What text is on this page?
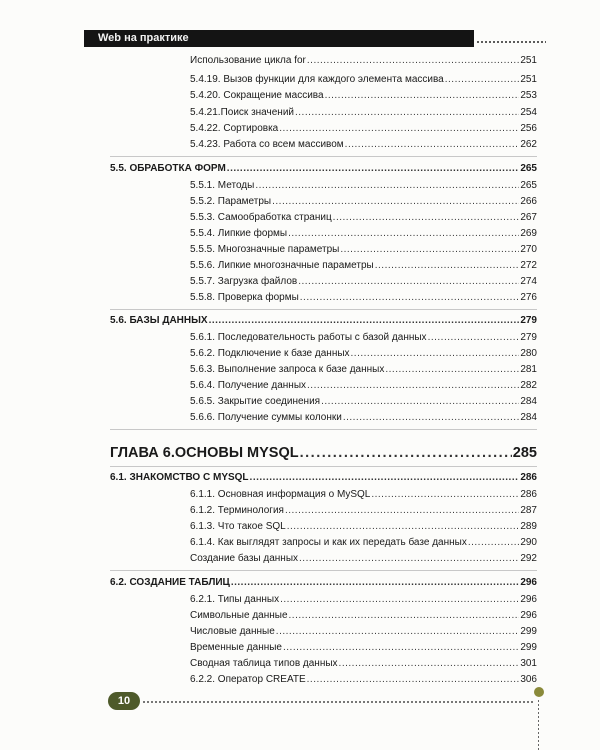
Web на практике
Использование цикла for .....	251
5.4.19. Вызов функции для каждого элемента массива .....	251
5.4.20. Сокращение массива .....	253
5.4.21.Поиск значений .....	254
5.4.22. Сортировка .....	256
5.4.23. Работа со всем массивом .....	262
5.5. ОБРАБОТКА ФОРМ .....	265
5.5.1. Методы .....	265
5.5.2. Параметры .....	266
5.5.3. Самообработка страниц .....	267
5.5.4. Липкие формы .....	269
5.5.5. Многозначные параметры .....	270
5.5.6. Липкие многозначные параметры .....	272
5.5.7. Загрузка файлов .....	274
5.5.8. Проверка формы .....	276
5.6. БАЗЫ ДАННЫХ .....	279
5.6.1. Последовательность работы с базой данных .....	279
5.6.2. Подключение к базе данных .....	280
5.6.3. Выполнение запроса к базе данных .....	281
5.6.4. Получение данных .....	282
5.6.5. Закрытие соединения .....	284
5.6.6. Получение суммы колонки .....	284
ГЛАВА 6.ОСНОВЫ MYSQL .....	285
6.1. ЗНАКОМСТВО С MYSQL .....	286
6.1.1. Основная информация о MySQL .....	286
6.1.2. Терминология .....	287
6.1.3. Что такое SQL .....	289
6.1.4. Как выглядят запросы и как их передать базе данных .....	290
Создание базы данных .....	292
6.2. СОЗДАНИЕ ТАБЛИЦ .....	296
6.2.1. Типы данных .....	296
Символьные данные .....	296
Числовые данные .....	299
Временные данные .....	299
Сводная таблица типов данных .....	301
6.2.2. Оператор CREATE .....	306
10
